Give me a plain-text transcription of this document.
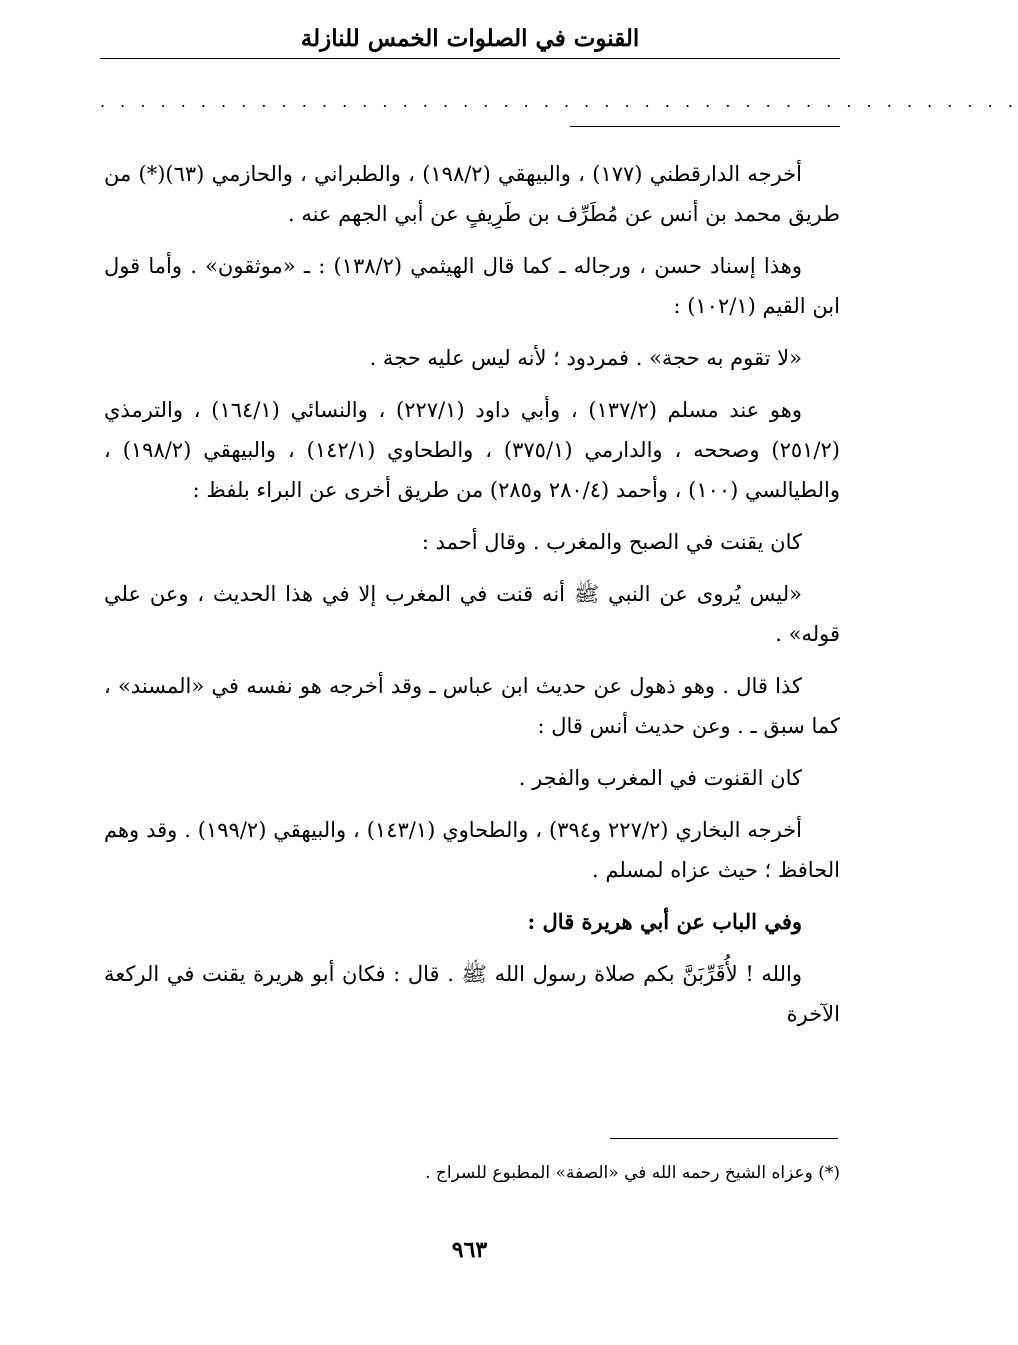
القنوت في الصلوات الخمس للنازلة
. . . . . . . . . . . . . . . . . . . . . . . . . . . . . . . . . . . . . . . . . . . . . .

أخرجه الدارقطني (١٧٧) ، والبيهقي (١٩٨/٢) ، والطبراني ، والحازمي (٦٣)(*) من طريق محمد بن أنس عن مُطَرِّف بن طَرِيفٍ عن أبي الجهم عنه .

وهذا إسناد حسن ، ورجاله ـ كما قال الهيثمي (١٣٨/٢) : ـ «موثقون» . وأما قول ابن القيم (١٠٢/١) :

«لا تقوم به حجة» . فمردود ؛ لأنه ليس عليه حجة .

وهو عند مسلم (١٣٧/٢) ، وأبي داود (٢٢٧/١) ، والنسائي (١٦٤/١) ، والترمذي (٢٥١/٢) وصححه ، والدارمي (٣٧٥/١) ، والطحاوي (١٤٢/١) ، والبيهقي (١٩٨/٢) ، والطيالسي (١٠٠) ، وأحمد (٢٨٠/٤ و٢٨٥) من طريق أخرى عن البراء بلفظ :

كان يقنت في الصبح والمغرب . وقال أحمد :

«ليس يُروى عن النبي ﷺ أنه قنت في المغرب إلا في هذا الحديث ، وعن علي قوله» .

كذا قال . وهو ذهول عن حديث ابن عباس ـ وقد أخرجه هو نفسه في «المسند» ، كما سبق ـ . وعن حديث أنس قال :

كان القنوت في المغرب والفجر .

أخرجه البخاري (٢٢٧/٢ و٣٩٤) ، والطحاوي (١٤٣/١) ، والبيهقي (١٩٩/٢) . وقد وهم الحافظ ؛ حيث عزاه لمسلم .

وفي الباب عن أبي هريرة قال :

والله ! لأُقَرِّبَنَّ بكم صلاة رسول الله ﷺ . قال : فكان أبو هريرة يقنت في الركعة الآخرة

(*) وعزاه الشيخ رحمه الله في «الصفة» المطبوع للسراج .
٩٦٣
